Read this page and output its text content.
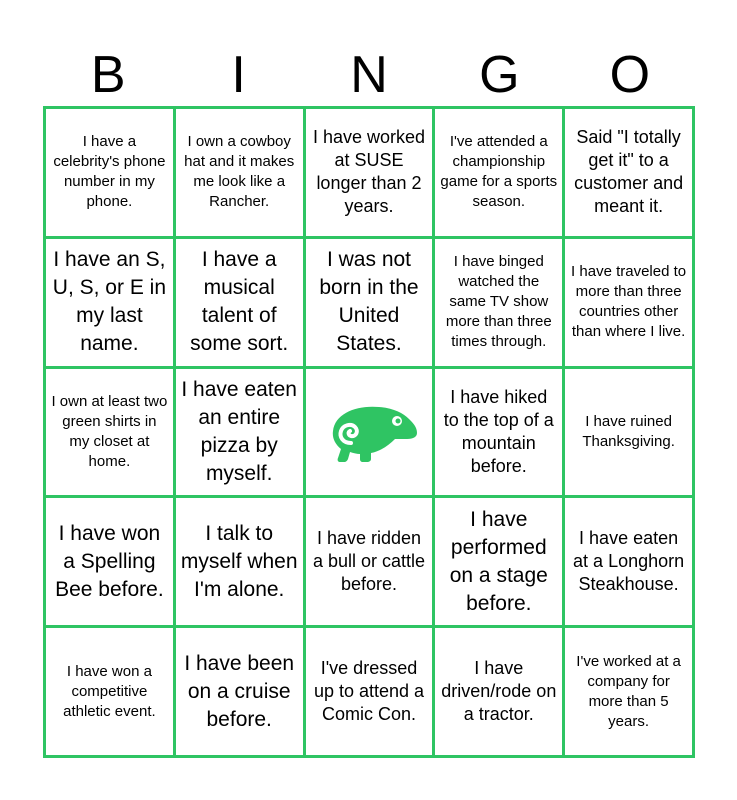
B	I	N	G	O
I have a celebrity's phone number in my phone.
I own a cowboy hat and it makes me look like a Rancher.
I have worked at SUSE longer than 2 years.
I've attended a championship game for a sports season.
Said "I totally get it" to a customer and meant it.
I have an S, U, S, or E in my last name.
I have a musical talent of some sort.
I was not born in the United States.
I have binged watched the same TV show more than three times through.
I have traveled to more than three countries other than where I live.
I own at least two green shirts in my closet at home.
I have eaten an entire pizza by myself.
I have hiked to the top of a mountain before.
I have ruined Thanksgiving.
I have won a Spelling Bee before.
I talk to myself when I'm alone.
I have ridden a bull or cattle before.
I have performed on a stage before.
I have eaten at a Longhorn Steakhouse.
I have won a competitive athletic event.
I have been on a cruise before.
I've dressed up to attend a Comic Con.
I have driven/rode on a tractor.
I've worked at a company for more than 5 years.
